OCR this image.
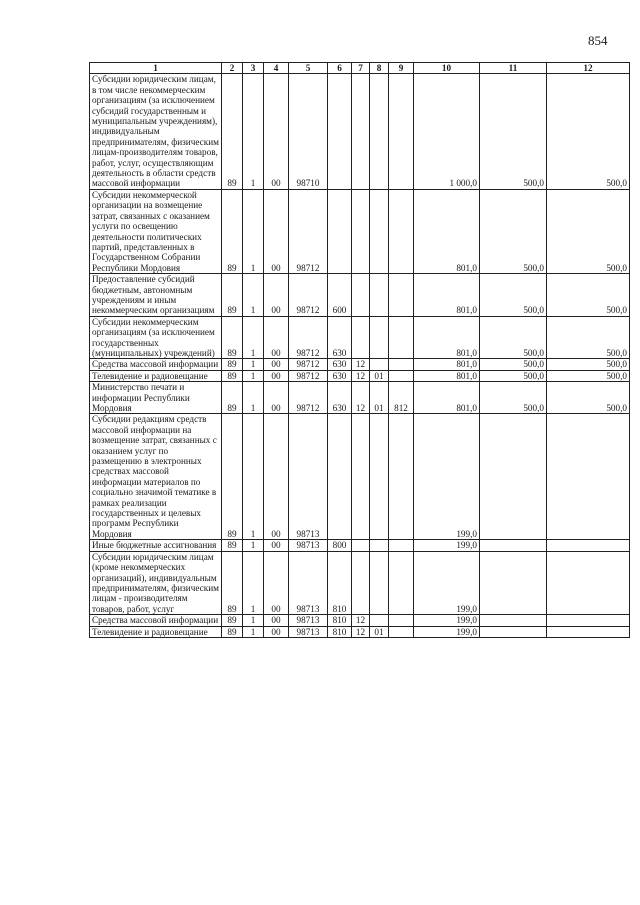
854
1	2	3	4	5	6	7	8	9	10	11	12
Субсидии юридическим лицам, в том числе некоммерческим организациям (за исключением субсидий государственным и муниципальным учреждениям), индивидуальным предпринимателям, физическим лицам-производителям товаров, работ, услуг, осуществляющим деятельность в области средств массовой информации	89	1	00	98710					1 000,0	500,0	500,0
Субсидии некоммерческой организации на возмещение затрат, связанных с оказанием услуги по освещению деятельности политических партий, представленных в Государственном Собрании Республики Мордовия	89	1	00	98712					801,0	500,0	500,0
Предоставление субсидий бюджетным, автономным учреждениям и иным некоммерческим организациям	89	1	00	98712	600				801,0	500,0	500,0
Субсидии некоммерческим организациям (за исключением государственных (муниципальных) учреждений)	89	1	00	98712	630				801,0	500,0	500,0
Средства массовой информации	89	1	00	98712	630	12			801,0	500,0	500,0
Телевидение и радиовещание	89	1	00	98712	630	12	01		801,0	500,0	500,0
Министерство печати и информации Республики Мордовия	89	1	00	98712	630	12	01	812	801,0	500,0	500,0
Субсидии редакциям средств массовой информации на возмещение затрат, связанных с оказанием услуг по размещению в электронных средствах массовой информации материалов по социально значимой тематике в рамках реализации государственных и целевых программ Республики Мордовия	89	1	00	98713					199,0		
Иные бюджетные ассигнования	89	1	00	98713	800				199,0		
Субсидии юридическим лицам (кроме некоммерческих организаций), индивидуальным предпринимателям, физическим лицам - производителям товаров, работ, услуг	89	1	00	98713	810				199,0		
Средства массовой информации	89	1	00	98713	810	12			199,0		
Телевидение и радиовещание	89	1	00	98713	810	12	01		199,0		
